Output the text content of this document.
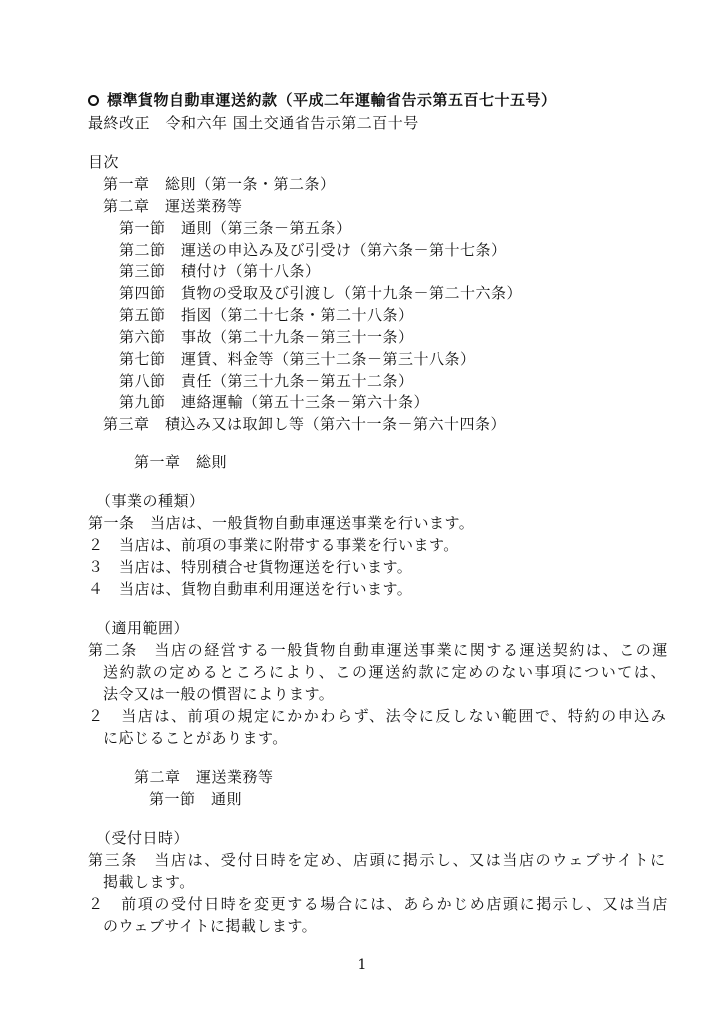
標準貨物自動車運送約款（平成二年運輸省告示第五百七十五号）
最終改正　令和六年 国土交通省告示第二百十号
目次
第一章　総則（第一条・第二条）
第二章　運送業務等
第一節　通則（第三条－第五条）
第二節　運送の申込み及び引受け（第六条－第十七条）
第三節　積付け（第十八条）
第四節　貨物の受取及び引渡し（第十九条－第二十六条）
第五節　指図（第二十七条・第二十八条）
第六節　事故（第二十九条－第三十一条）
第七節　運賃、料金等（第三十二条－第三十八条）
第八節　責任（第三十九条－第五十二条）
第九節　連絡運輸（第五十三条－第六十条）
第三章　積込み又は取卸し等（第六十一条－第六十四条）
第一章　総則
（事業の種類）
第一条　当店は、一般貨物自動車運送事業を行います。
２　当店は、前項の事業に附帯する事業を行います。
３　当店は、特別積合せ貨物運送を行います。
４　当店は、貨物自動車利用運送を行います。
（適用範囲）
第二条　当店の経営する一般貨物自動車運送事業に関する運送契約は、この運
送約款の定めるところにより、この運送約款に定めのない事項については、
法令又は一般の慣習によります。
２　当店は、前項の規定にかかわらず、法令に反しない範囲で、特約の申込み
に応じることがあります。
第二章　運送業務等
第一節　通則
（受付日時）
第三条　当店は、受付日時を定め、店頭に掲示し、又は当店のウェブサイトに
掲載します。
２　前項の受付日時を変更する場合には、あらかじめ店頭に掲示し、又は当店
のウェブサイトに掲載します。
1
